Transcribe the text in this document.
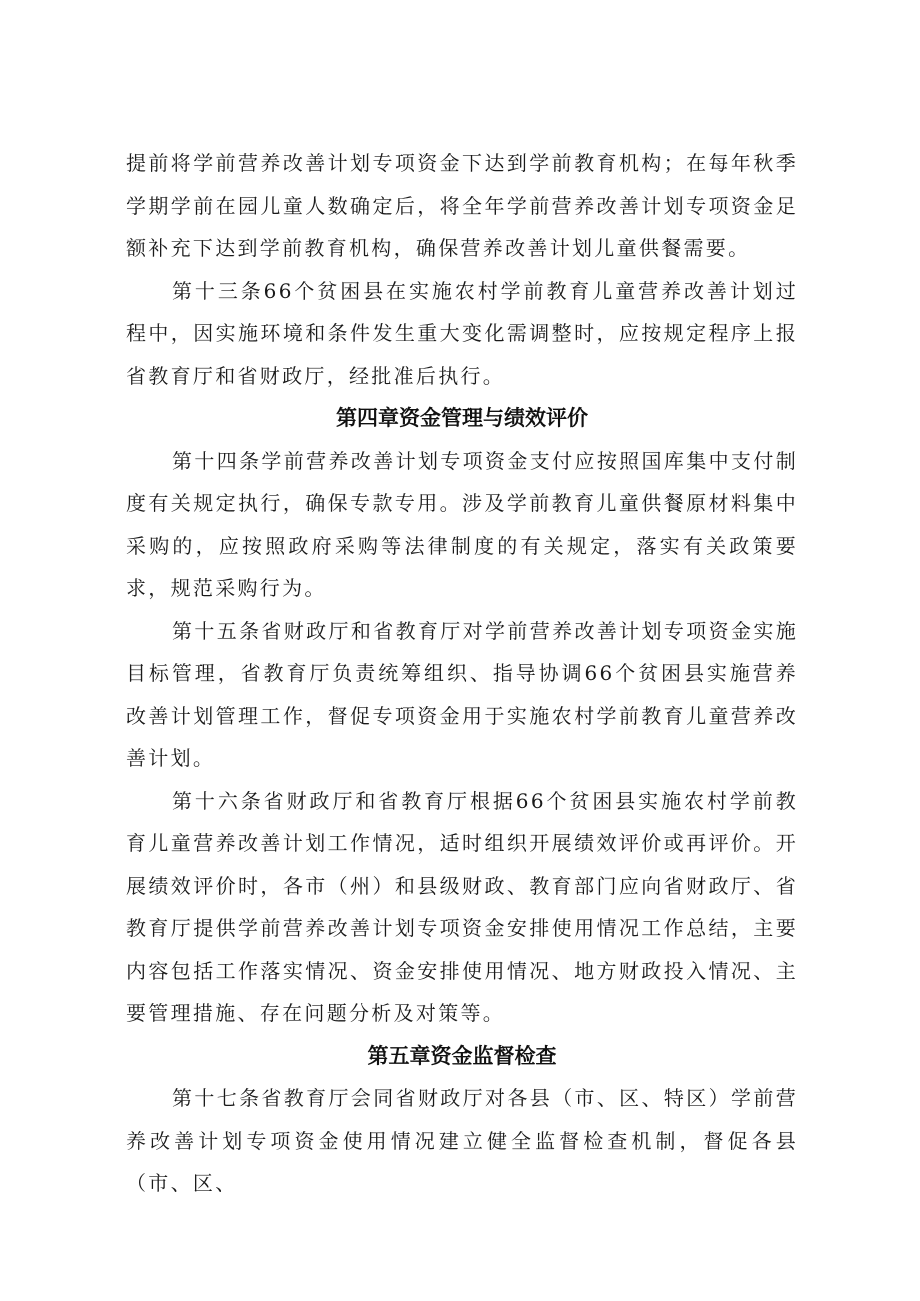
提前将学前营养改善计划专项资金下达到学前教育机构；在每年秋季学期学前在园儿童人数确定后，将全年学前营养改善计划专项资金足额补充下达到学前教育机构，确保营养改善计划儿童供餐需要。

第十三条66个贫困县在实施农村学前教育儿童营养改善计划过程中，因实施环境和条件发生重大变化需调整时，应按规定程序上报省教育厅和省财政厅，经批准后执行。

第四章资金管理与绩效评价

第十四条学前营养改善计划专项资金支付应按照国库集中支付制度有关规定执行，确保专款专用。涉及学前教育儿童供餐原材料集中采购的，应按照政府采购等法律制度的有关规定，落实有关政策要求，规范采购行为。

第十五条省财政厅和省教育厅对学前营养改善计划专项资金实施目标管理，省教育厅负责统筹组织、指导协调66个贫困县实施营养改善计划管理工作，督促专项资金用于实施农村学前教育儿童营养改善计划。

第十六条省财政厅和省教育厅根据66个贫困县实施农村学前教育儿童营养改善计划工作情况，适时组织开展绩效评价或再评价。开展绩效评价时，各市（州）和县级财政、教育部门应向省财政厅、省教育厅提供学前营养改善计划专项资金安排使用情况工作总结，主要内容包括工作落实情况、资金安排使用情况、地方财政投入情况、主要管理措施、存在问题分析及对策等。

第五章资金监督检查

第十七条省教育厅会同省财政厅对各县（市、区、特区）学前营养改善计划专项资金使用情况建立健全监督检查机制，督促各县（市、区、
